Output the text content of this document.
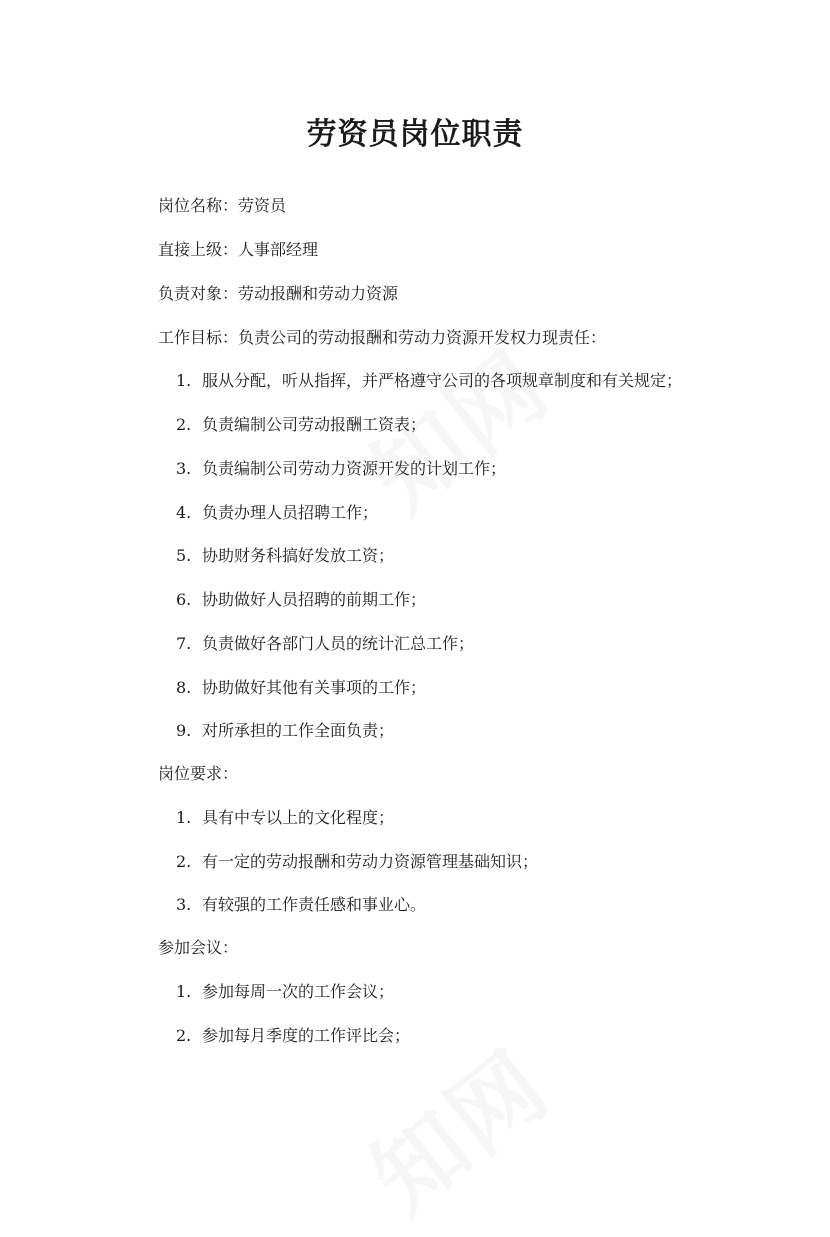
劳资员岗位职责
岗位名称：劳资员
直接上级：人事部经理
负责对象：劳动报酬和劳动力资源
工作目标：负责公司的劳动报酬和劳动力资源开发权力现责任：
1. 服从分配，听从指挥，并严格遵守公司的各项规章制度和有关规定；
2. 负责编制公司劳动报酬工资表；
3. 负责编制公司劳动力资源开发的计划工作；
4. 负责办理人员招聘工作；
5. 协助财务科搞好发放工资；
6. 协助做好人员招聘的前期工作；
7. 负责做好各部门人员的统计汇总工作；
8. 协助做好其他有关事项的工作；
9. 对所承担的工作全面负责；
岗位要求：
1. 具有中专以上的文化程度；
2. 有一定的劳动报酬和劳动力资源管理基础知识；
3. 有较强的工作责任感和事业心。
参加会议：
1. 参加每周一次的工作会议；
2. 参加每月季度的工作评比会；
